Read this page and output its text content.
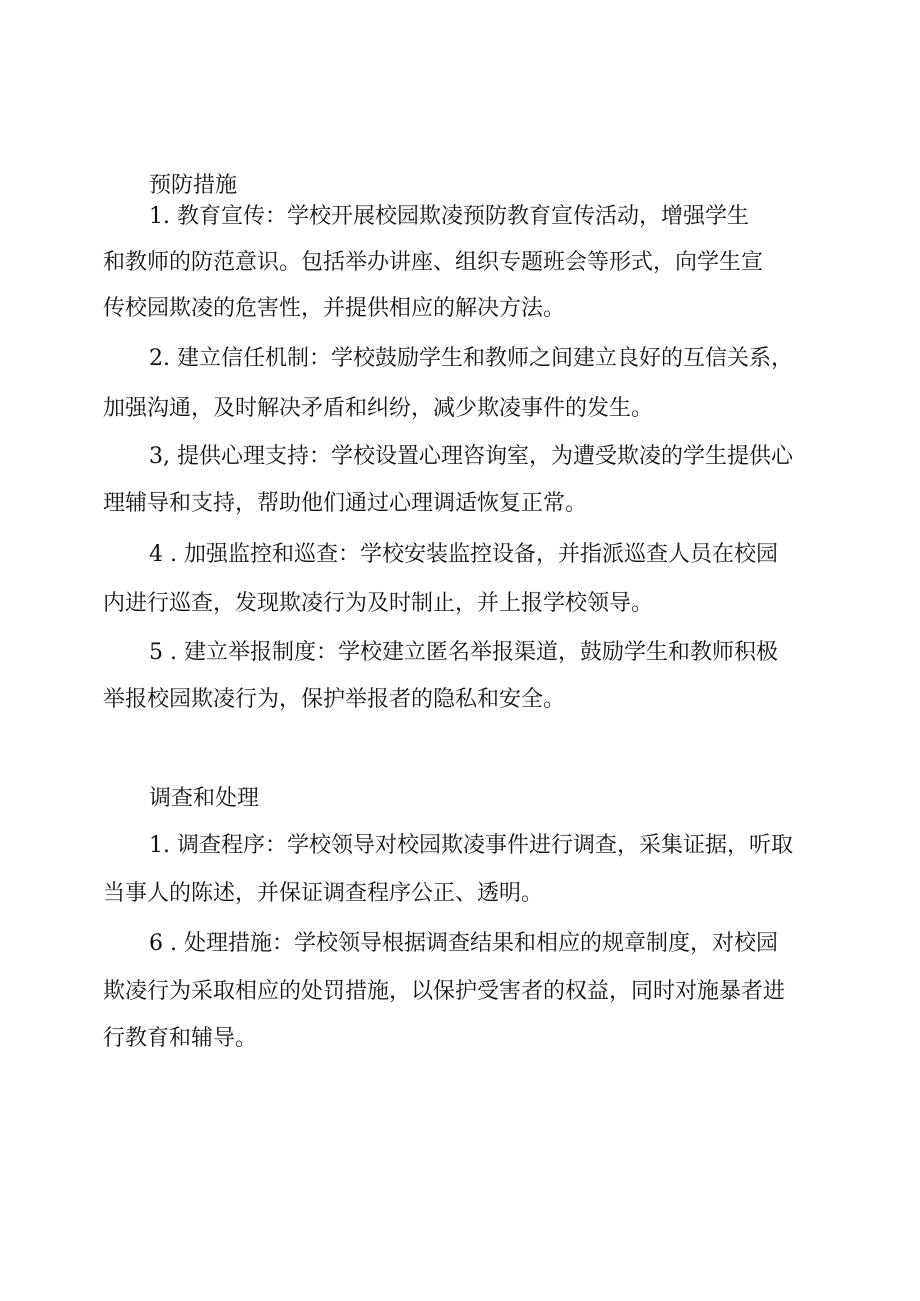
预防措施

1. 教育宣传：学校开展校园欺凌预防教育宣传活动，增强学生

和教师的防范意识。包括举办讲座、组织专题班会等形式，向学生宣

传校园欺凌的危害性，并提供相应的解决方法。

2. 建立信任机制：学校鼓励学生和教师之间建立良好的互信关系，

加强沟通，及时解决矛盾和纠纷，减少欺凌事件的发生。

3, 提供心理支持：学校设置心理咨询室，为遭受欺凌的学生提供心

理辅导和支持，帮助他们通过心理调适恢复正常。

4 . 加强监控和巡查：学校安装监控设备，并指派巡查人员在校园

内进行巡查，发现欺凌行为及时制止，并上报学校领导。

5 . 建立举报制度：学校建立匿名举报渠道，鼓励学生和教师积极

举报校园欺凌行为，保护举报者的隐私和安全。

调查和处理

1. 调查程序：学校领导对校园欺凌事件进行调查，采集证据，听取

当事人的陈述，并保证调查程序公正、透明。

6 . 处理措施：学校领导根据调查结果和相应的规章制度，对校园

欺凌行为采取相应的处罚措施，以保护受害者的权益，同时对施暴者进

行教育和辅导。
